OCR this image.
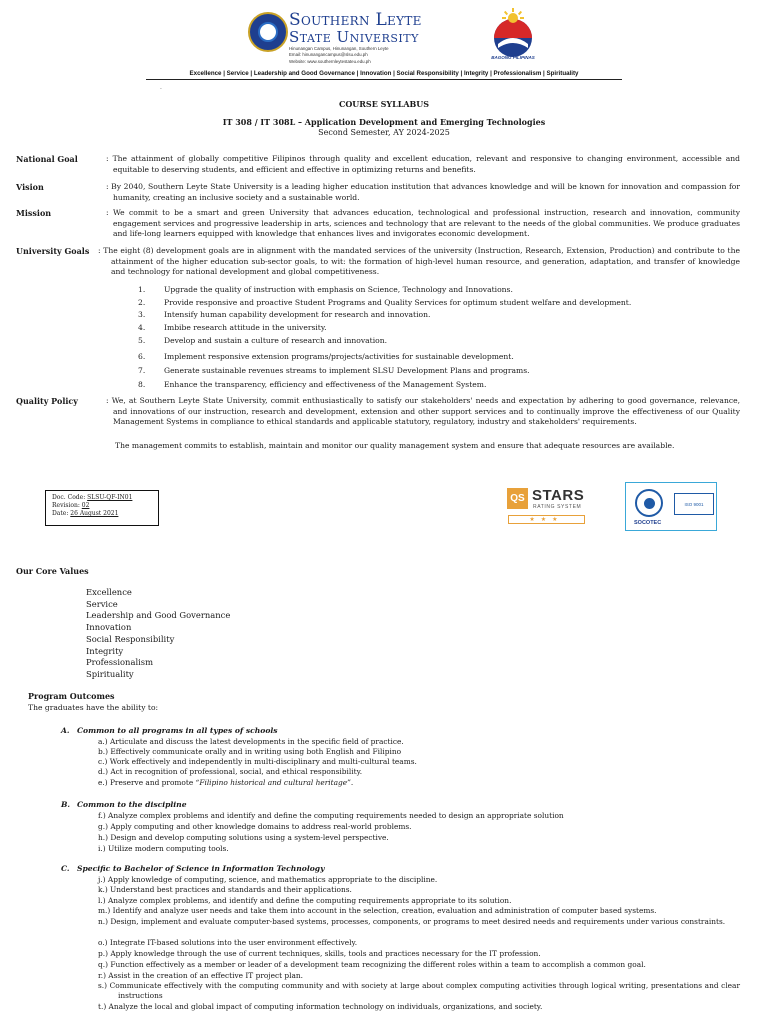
Southern Leyte
State University
Hinunangan Campus, Hinunangan, Southern Leyte
Email: hinunangancampus@slsu.edu.ph
Website: www.southernleytestateu.edu.ph
BAGONG PILIPINAS
Excellence | Service | Leadership and Good Governance | Innovation | Social Responsibility | Integrity | Professionalism | Spirituality
.
COURSE SYLLABUS
IT 308 / IT 308L – Application Development and Emerging Technologies
Second Semester, AY 2024-2025
National Goal	: The attainment of globally competitive Filipinos through quality and excellent education, relevant and responsive to changing environment, accessible and equitable to deserving students, and efficient and effective in optimizing returns and benefits.
Vision	: By 2040, Southern Leyte State University is a leading higher education institution that advances knowledge and will be known for innovation and compassion for humanity, creating an inclusive society and a sustainable world.
Mission	: We commit to be a smart and green University that advances education, technological and professional instruction, research and innovation, community engagement services and progressive leadership in arts, sciences and technology that are relevant to the needs of the global communities. We produce graduates and life-long learners equipped with knowledge that enhances lives and invigorates economic development.
University Goals : The eight (8) development goals are in alignment with the mandated services of the university (Instruction, Research, Extension, Production) and contribute to the attainment of the higher education sub-sector goals, to wit: the formation of high-level human resource, and generation, adaptation, and transfer of knowledge and technology for national development and global competitiveness.
1. Upgrade the quality of instruction with emphasis on Science, Technology and Innovations.
2. Provide responsive and proactive Student Programs and Quality Services for optimum student welfare and development.
3. Intensify human capability development for research and innovation.
4. Imbibe research attitude in the university.
5. Develop and sustain a culture of research and innovation.
6. Implement responsive extension programs/projects/activities for sustainable development.
7. Generate sustainable revenues streams to implement SLSU Development Plans and programs.
8. Enhance the transparency, efficiency and effectiveness of the Management System.
Quality Policy	: We, at Southern Leyte State University, commit enthusiastically to satisfy our stakeholders' needs and expectation by adhering to good governance, relevance, and innovations of our instruction, research and development, extension and other support services and to continually improve the effectiveness of our Quality Management Systems in compliance to ethical standards and applicable statutory, regulatory, industry and stakeholders' requirements.
The management commits to establish, maintain and monitor our quality management system and ensure that adequate resources are available.
Doc. Code: SLSU-QF-IN01
Revision: 02
Date: 26 August 2021
QS STARS
RATING SYSTEM
★★★
ISO 9001
SOCOTEC
Our Core Values
Excellence
Service
Leadership and Good Governance
Innovation
Social Responsibility
Integrity
Professionalism
Spirituality
Program Outcomes
The graduates have the ability to:
A. Common to all programs in all types of schools
a.) Articulate and discuss the latest developments in the specific field of practice.
b.) Effectively communicate orally and in writing using both English and Filipino
c.) Work effectively and independently in multi-disciplinary and multi-cultural teams.
d.) Act in recognition of professional, social, and ethical responsibility.
e.) Preserve and promote “Filipino historical and cultural heritage”.
B. Common to the discipline
f.) Analyze complex problems and identify and define the computing requirements needed to design an appropriate solution
g.) Apply computing and other knowledge domains to address real-world problems.
h.) Design and develop computing solutions using a system-level perspective.
i.) Utilize modern computing tools.
C. Specific to Bachelor of Science in Information Technology
j.) Apply knowledge of computing, science, and mathematics appropriate to the discipline.
k.) Understand best practices and standards and their applications.
l.) Analyze complex problems, and identify and define the computing requirements appropriate to its solution.
m.) Identify and analyze user needs and take them into account in the selection, creation, evaluation and administration of computer based systems.
n.) Design, implement and evaluate computer-based systems, processes, components, or programs to meet desired needs and requirements under various constraints.
o.) Integrate IT-based solutions into the user environment effectively.
p.) Apply knowledge through the use of current techniques, skills, tools and practices necessary for the IT profession.
q.) Function effectively as a member or leader of a development team recognizing the different roles within a team to accomplish a common goal.
r.) Assist in the creation of an effective IT project plan.
s.) Communicate effectively with the computing community and with society at large about complex computing activities through logical writing, presentations and clear instructions
t.) Analyze the local and global impact of computing information technology on individuals, organizations, and society.
